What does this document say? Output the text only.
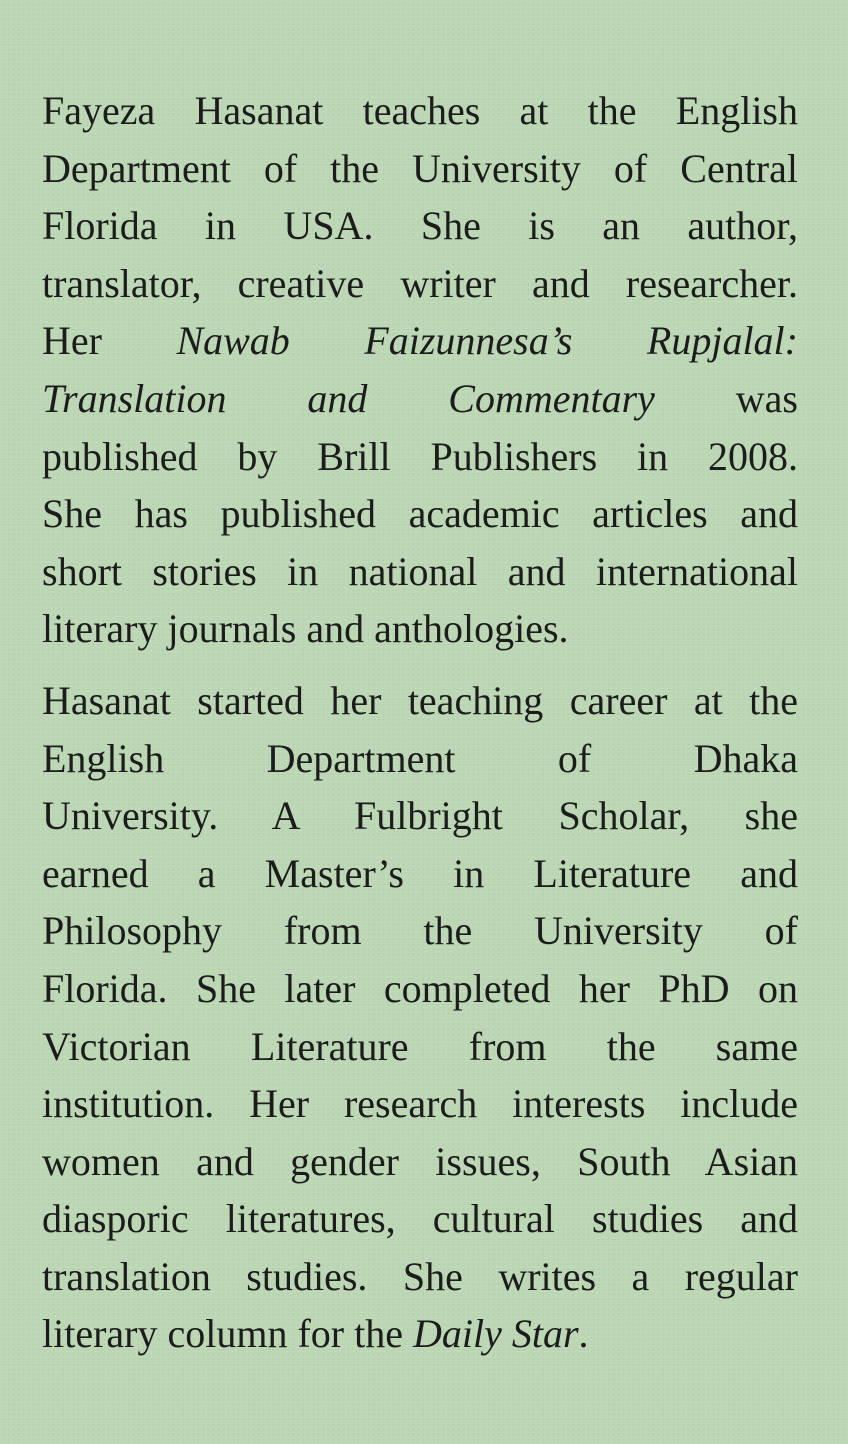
Fayeza Hasanat teaches at the English
Department of the University of Central
Florida in USA. She is an author,
translator, creative writer and researcher.
Her Nawab Faizunnesa’s Rupjalal:
Translation and Commentary was
published by Brill Publishers in 2008.
She has published academic articles and
short stories in national and international
literary journals and anthologies.

Hasanat started her teaching career at the
English Department of Dhaka
University. A Fulbright Scholar, she
earned a Master’s in Literature and
Philosophy from the University of
Florida. She later completed her PhD on
Victorian Literature from the same
institution. Her research interests include
women and gender issues, South Asian
diasporic literatures, cultural studies and
translation studies. She writes a regular
literary column for the Daily Star.
